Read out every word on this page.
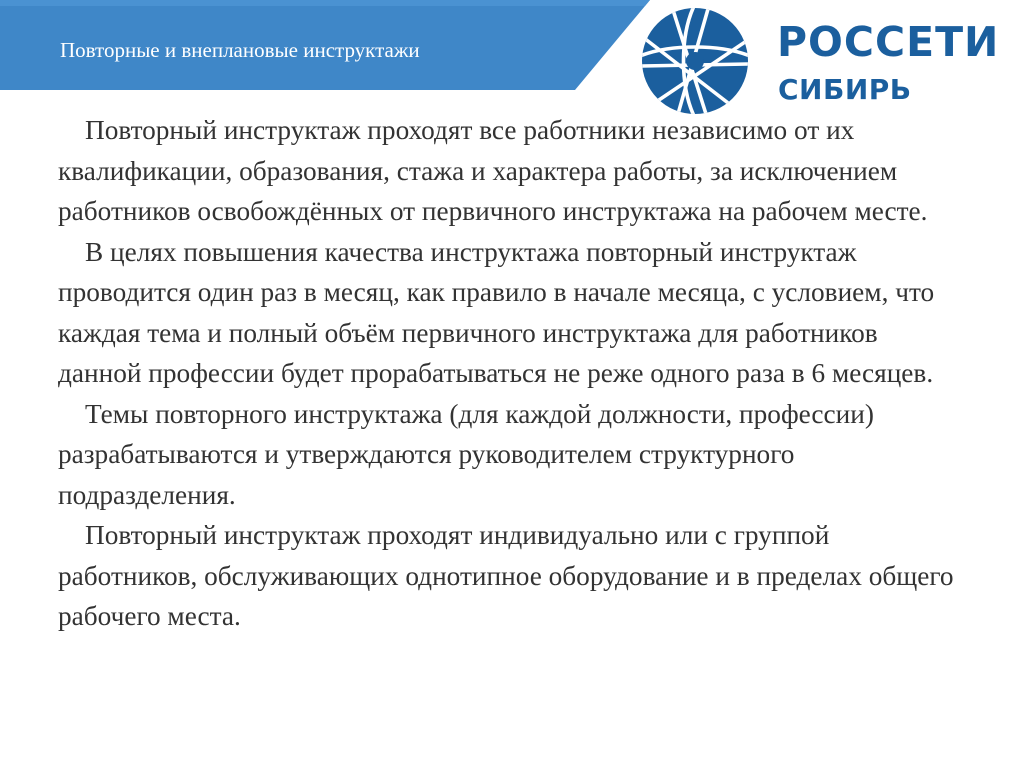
Повторные и внеплановые инструктажи	РОССЕТИ
СИБИРЬ

Повторный инструктаж проходят все работники независимо от их квалификации, образования, стажа и характера работы, за исключением работников освобождённых от первичного инструктажа на рабочем месте.

В целях повышения качества инструктажа повторный инструктаж проводится один раз в месяц, как правило в начале месяца, с условием, что каждая тема и полный объём первичного инструктажа для работников данной профессии будет прорабатываться не реже одного раза в 6 месяцев.

Темы повторного инструктажа (для каждой должности, профессии) разрабатываются и утверждаются руководителем структурного подразделения.

Повторный инструктаж проходят индивидуально или с группой работников, обслуживающих однотипное оборудование и в пределах общего рабочего места.
